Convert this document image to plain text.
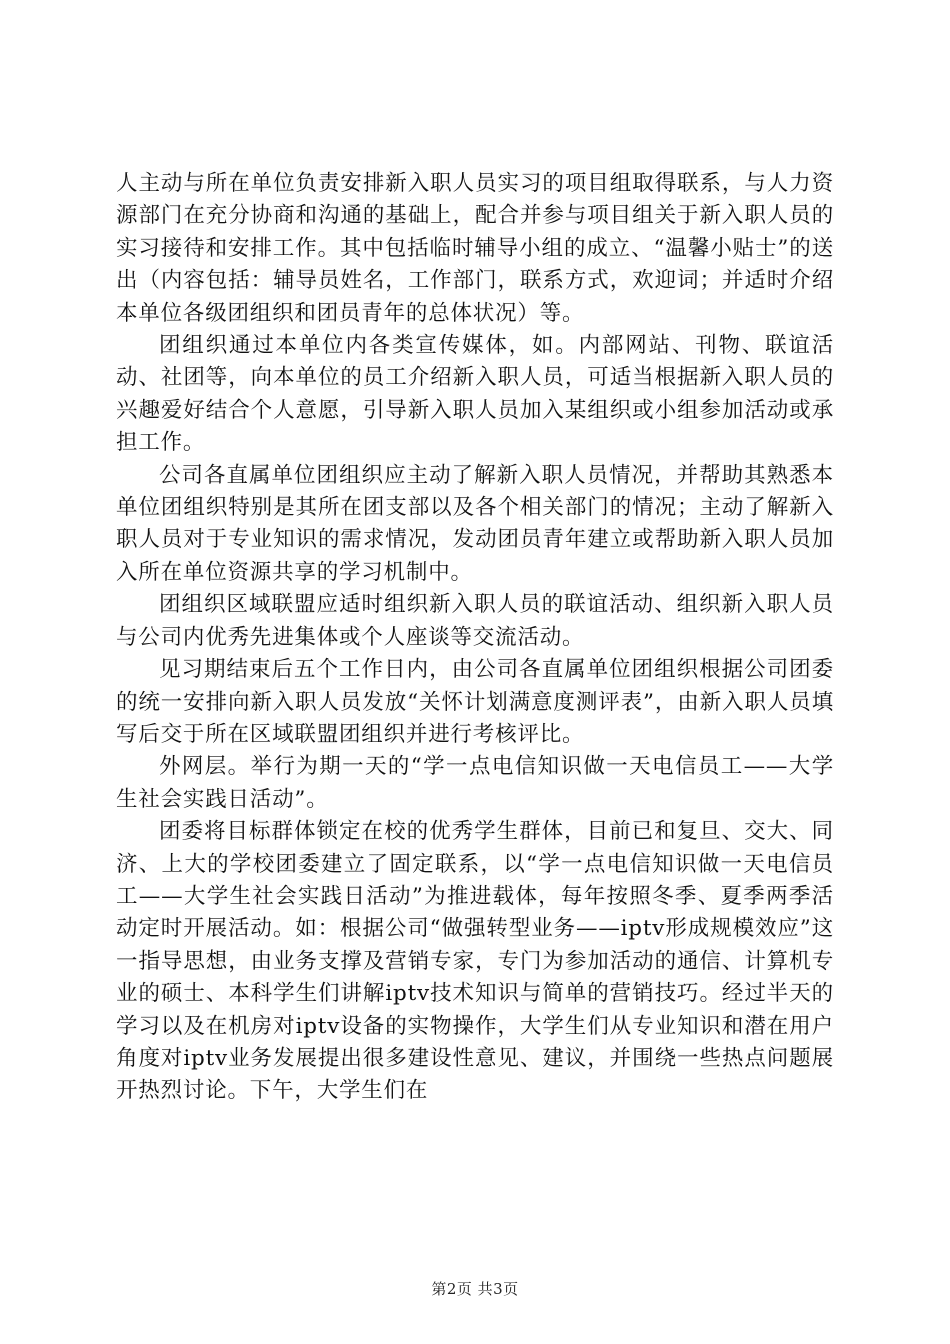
人主动与所在单位负责安排新入职人员实习的项目组取得联系，与人力资源部门在充分协商和沟通的基础上，配合并参与项目组关于新入职人员的实习接待和安排工作。其中包括临时辅导小组的成立、“温馨小贴士”的送出（内容包括：辅导员姓名，工作部门，联系方式，欢迎词；并适时介绍本单位各级团组织和团员青年的总体状况）等。

团组织通过本单位内各类宣传媒体，如。内部网站、刊物、联谊活动、社团等，向本单位的员工介绍新入职人员，可适当根据新入职人员的兴趣爱好结合个人意愿，引导新入职人员加入某组织或小组参加活动或承担工作。

公司各直属单位团组织应主动了解新入职人员情况，并帮助其熟悉本单位团组织特别是其所在团支部以及各个相关部门的情况；主动了解新入职人员对于专业知识的需求情况，发动团员青年建立或帮助新入职人员加入所在单位资源共享的学习机制中。

团组织区域联盟应适时组织新入职人员的联谊活动、组织新入职人员与公司内优秀先进集体或个人座谈等交流活动。

见习期结束后五个工作日内，由公司各直属单位团组织根据公司团委的统一安排向新入职人员发放“关怀计划满意度测评表”，由新入职人员填写后交于所在区域联盟团组织并进行考核评比。

外网层。举行为期一天的“学一点电信知识做一天电信员工——大学生社会实践日活动”。

团委将目标群体锁定在校的优秀学生群体，目前已和复旦、交大、同济、上大的学校团委建立了固定联系，以“学一点电信知识做一天电信员工——大学生社会实践日活动”为推进载体，每年按照冬季、夏季两季活动定时开展活动。如：根据公司“做强转型业务——iptv形成规模效应”这一指导思想，由业务支撑及营销专家，专门为参加活动的通信、计算机专业的硕士、本科学生们讲解iptv技术知识与简单的营销技巧。经过半天的学习以及在机房对iptv设备的实物操作，大学生们从专业知识和潜在用户角度对iptv业务发展提出很多建设性意见、建议，并围绕一些热点问题展开热烈讨论。下午，大学生们在

第2页 共3页
